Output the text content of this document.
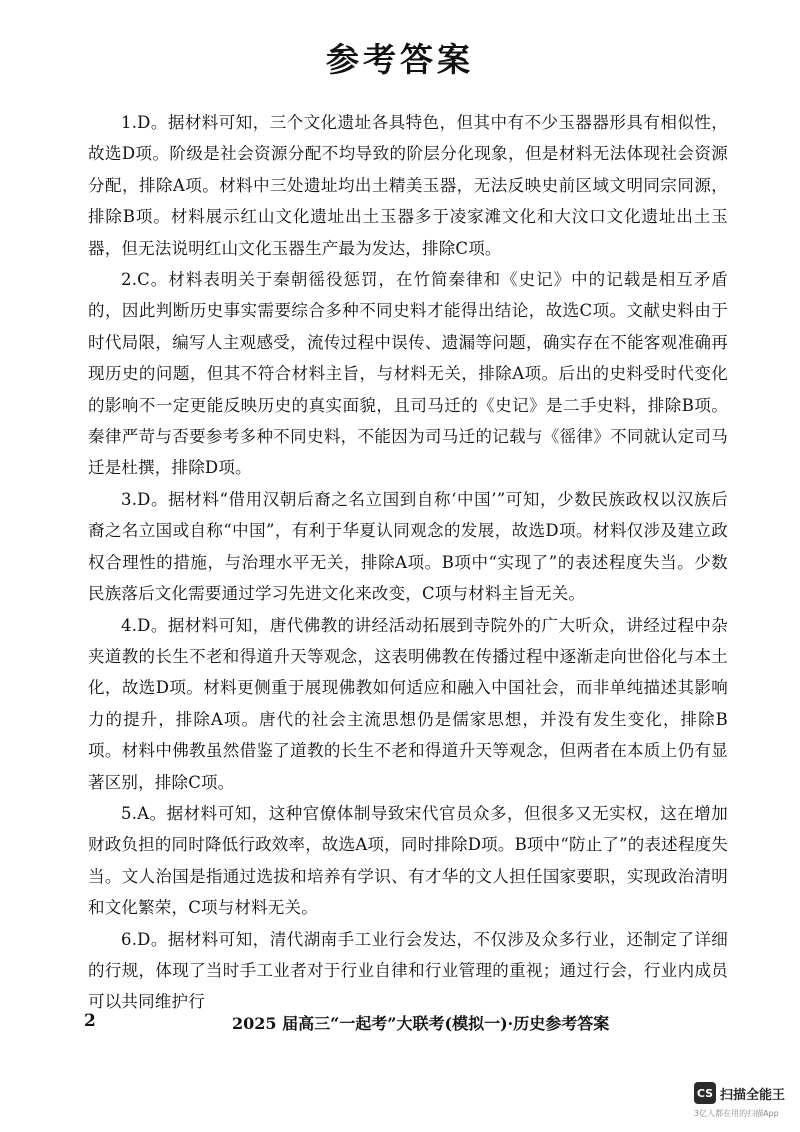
参考答案

1.D。据材料可知，三个文化遗址各具特色，但其中有不少玉器器形具有相似性，故选D项。阶级是社会资源分配不均导致的阶层分化现象，但是材料无法体现社会资源分配，排除A项。材料中三处遗址均出土精美玉器，无法反映史前区域文明同宗同源，排除B项。材料展示红山文化遗址出土玉器多于凌家滩文化和大汶口文化遗址出土玉器，但无法说明红山文化玉器生产最为发达，排除C项。

2.C。材料表明关于秦朝徭役惩罚，在竹简秦律和《史记》中的记载是相互矛盾的，因此判断历史事实需要综合多种不同史料才能得出结论，故选C项。文献史料由于时代局限，编写人主观感受，流传过程中误传、遗漏等问题，确实存在不能客观准确再现历史的问题，但其不符合材料主旨，与材料无关，排除A项。后出的史料受时代变化的影响不一定更能反映历史的真实面貌，且司马迁的《史记》是二手史料，排除B项。秦律严苛与否要参考多种不同史料，不能因为司马迁的记载与《徭律》不同就认定司马迁是杜撰，排除D项。

3.D。据材料“借用汉朝后裔之名立国到自称‘中国’”可知，少数民族政权以汉族后裔之名立国或自称“中国”，有利于华夏认同观念的发展，故选D项。材料仅涉及建立政权合理性的措施，与治理水平无关，排除A项。B项中“实现了”的表述程度失当。少数民族落后文化需要通过学习先进文化来改变，C项与材料主旨无关。

4.D。据材料可知，唐代佛教的讲经活动拓展到寺院外的广大听众，讲经过程中杂夹道教的长生不老和得道升天等观念，这表明佛教在传播过程中逐渐走向世俗化与本土化，故选D项。材料更侧重于展现佛教如何适应和融入中国社会，而非单纯描述其影响力的提升，排除A项。唐代的社会主流思想仍是儒家思想，并没有发生变化，排除B项。材料中佛教虽然借鉴了道教的长生不老和得道升天等观念，但两者在本质上仍有显著区别，排除C项。

5.A。据材料可知，这种官僚体制导致宋代官员众多，但很多又无实权，这在增加财政负担的同时降低行政效率，故选A项，同时排除D项。B项中“防止了”的表述程度失当。文人治国是指通过选拔和培养有学识、有才华的文人担任国家要职，实现政治清明和文化繁荣，C项与材料无关。

6.D。据材料可知，清代湖南手工业行会发达，不仅涉及众多行业，还制定了详细的行规，体现了当时手工业者对于行业自律和行业管理的重视；通过行会，行业内成员可以共同维护行

2	2025 届高三“一起考”大联考(模拟一)·历史参考答案
CS 扫描全能王
3亿人都在用的扫描App
